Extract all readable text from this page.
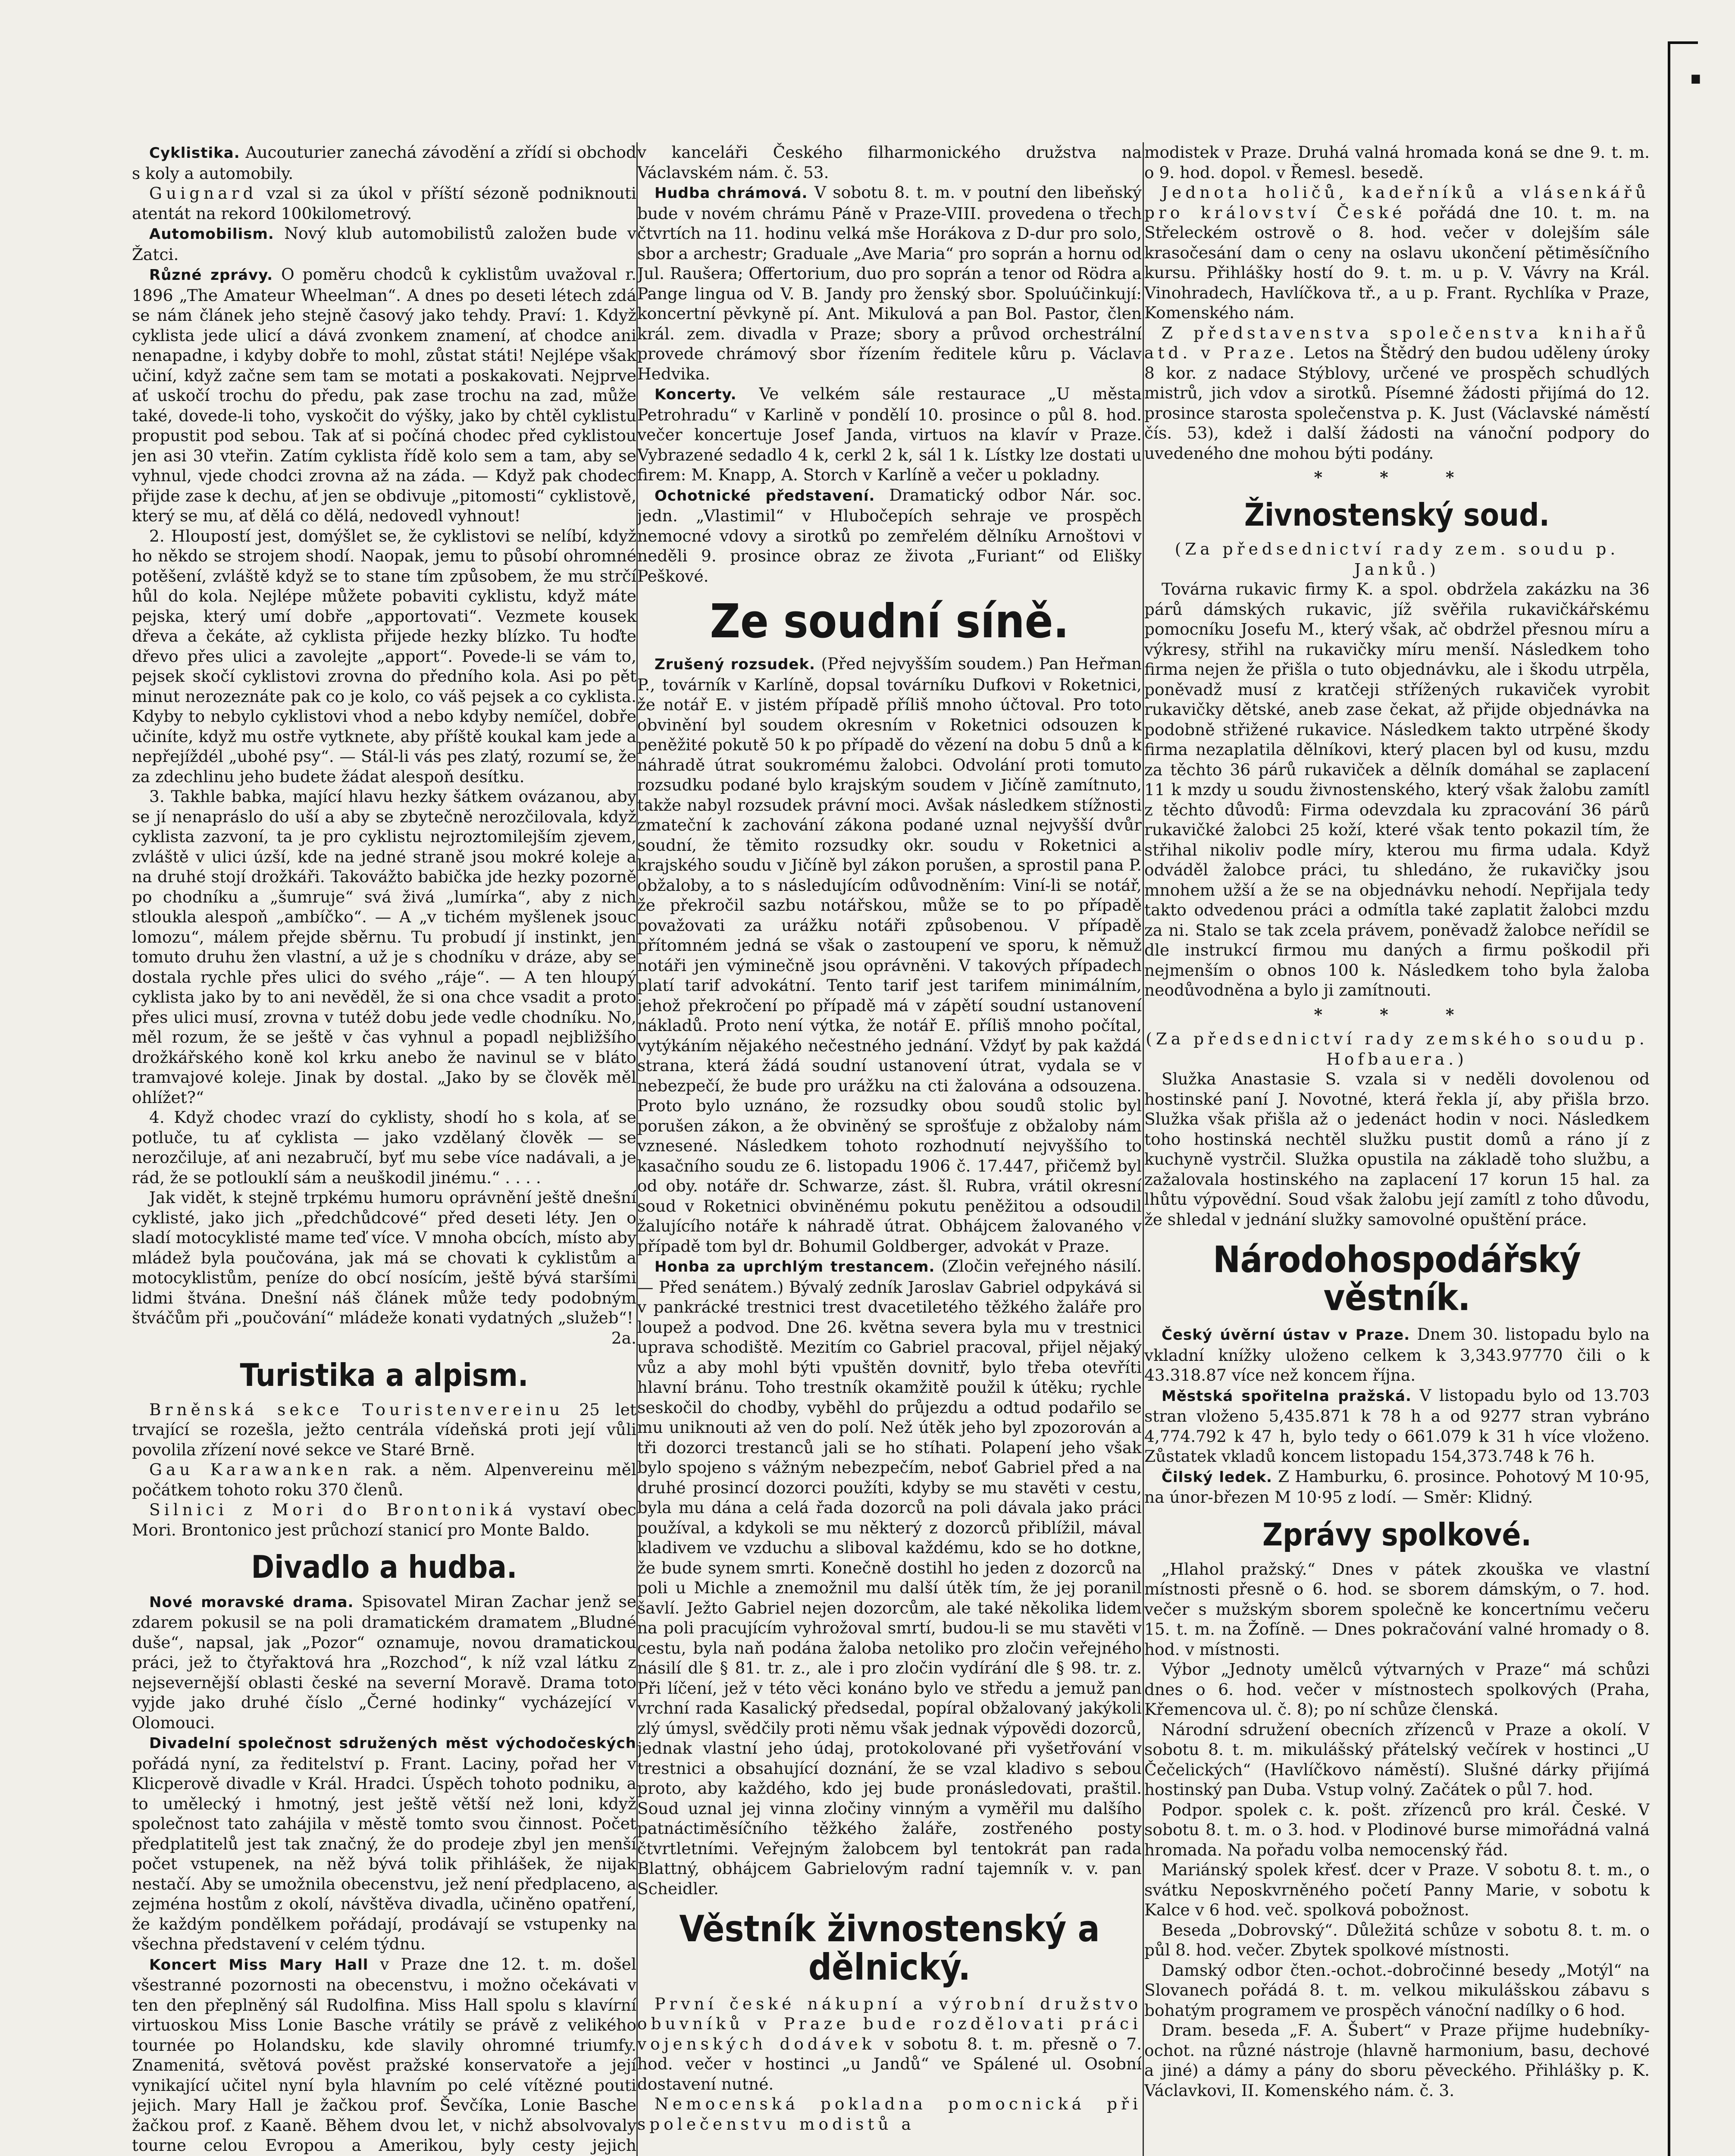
.

Cyklistika. Aucouturier zanechá závodění a zřídí si obchod s koly a automobily.

Guignard vzal si za úkol v příští sézoně podniknouti atentát na rekord 100kilometrový.

Automobilism. Nový klub automobilistů založen bude v Žatci.

Různé zprávy. O poměru chodců k cyklistům uvažoval r. 1896 „The Amateur Wheelman“. A dnes po deseti létech zdá se nám článek jeho stejně časový jako tehdy. Praví: 1. Když cyklista jede ulicí a dává zvonkem znamení, ať chodce ani nenapadne, i kdyby dobře to mohl, zůstat státi! Nejlépe však učiní, když začne sem tam se motati a poskakovati. Nejprve ať uskočí trochu do předu, pak zase trochu na zad, může také, dovede-li toho, vyskočit do výšky, jako by chtěl cyklistu propustit pod sebou. Tak ať si počíná chodec před cyklistou jen asi 30 vteřin. Zatím cyklista řídě kolo sem a tam, aby se vyhnul, vjede chodci zrovna až na záda. — Když pak chodec přijde zase k dechu, ať jen se obdivuje „pitomosti“ cyklistově, který se mu, ať dělá co dělá, nedovedl vyhnout!

2. Hloupostí jest, domýšlet se, že cyklistovi se nelíbí, když ho někdo se strojem shodí. Naopak, jemu to působí ohromné potěšení, zvláště když se to stane tím způsobem, že mu strčí hůl do kola. Nejlépe můžete pobaviti cyklistu, když máte pejska, který umí dobře „apportovati“. Vezmete kousek dřeva a čekáte, až cyklista přijede hezky blízko. Tu hoďte dřevo přes ulici a zavolejte „apport“. Povede-li se vám to, pejsek skočí cyklistovi zrovna do předního kola. Asi po pět minut nerozeznáte pak co je kolo, co váš pejsek a co cyklista. Kdyby to nebylo cyklistovi vhod a nebo kdyby nemíčel, dobře učiníte, když mu ostře vytknete, aby příště koukal kam jede a nepřejíždél „ubohé psy“. — Stál-li vás pes zlatý, rozumí se, že za zdechlinu jeho budete žádat alespoň desítku.

3. Takhle babka, mající hlavu hezky šátkem ovázanou, aby se jí nenapráslo do uší a aby se zbytečně nerozčilovala, když cyklista zazvoní, ta je pro cyklistu nejroztomilejším zjevem, zvláště v ulici úzší, kde na jedné straně jsou mokré koleje a na druhé stojí drožkáři. Takovážto babička jde hezky pozorně po chodníku a „šumruje“ svá živá „lumírka“, aby z nich stloukla alespoň „ambíčko“. — A „v tichém myšlenek jsouc lomozu“, málem přejde sběrnu. Tu probudí jí instinkt, jen tomuto druhu žen vlastní, a už je s chodníku v dráze, aby se dostala rychle přes ulici do svého „ráje“. — A ten hloupý cyklista jako by to ani nevěděl, že si ona chce vsadit a proto přes ulici musí, zrovna v tutéž dobu jede vedle chodníku. No, měl rozum, že se ještě v čas vyhnul a popadl nejbližšího drožkářského koně kol krku anebo že navinul se v bláto tramvajové koleje. Jinak by dostal. „Jako by se člověk měl ohlížet?“

4. Když chodec vrazí do cyklisty, shodí ho s kola, ať se potluče, tu ať cyklista — jako vzdělaný člověk — se nerozčiluje, ať ani nezabručí, byť mu sebe více nadávali, a je rád, že se potlouklí sám a neuškodil jinému.“ . . . .

Jak vidět, k stejně trpkému humoru oprávnění ještě dnešní cyklisté, jako jich „předchůdcové“ před deseti léty. Jen o sladí motocyklisté mame teď více. V mnoha obcích, místo aby mládež byla poučována, jak má se chovati k cyklistům a motocyklistům, peníze do obcí nosícím, ještě bývá staršími lidmi štvána. Dnešní náš článek může tedy podobným štváčům při „poučování“ mládeže konati vydatných „služeb“!

2a.

Turistika a alpism.

Brněnská sekce Touristenvereinu 25 let trvající se rozešla, ježto centrála vídeňská proti její vůli povolila zřízení nové sekce ve Staré Brně.

Gau Karawanken rak. a něm. Alpenvereinu měl počátkem tohoto roku 370 členů.

Silnici z Mori do Brontoniká vystaví obec Mori. Brontonico jest průchozí stanicí pro Monte Baldo.

Divadlo a hudba.

Nové moravské drama. Spisovatel Miran Zachar jenž se zdarem pokusil se na poli dramatickém dramatem „Bludné duše“, napsal, jak „Pozor“ oznamuje, novou dramatickou práci, jež to čtyřaktová hra „Rozchod“, k níž vzal látku z nejsevernější oblasti české na severní Moravě. Drama toto vyjde jako druhé číslo „Černé hodinky“ vycházející v Olomouci.

Divadelní společnost sdružených měst východočeských pořádá nyní, za ředitelství p. Frant. Laciny, pořad her v Klicperově divadle v Král. Hradci. Úspěch tohoto podniku, a to umělecký i hmotný, jest ještě větší než loni, když společnost tato zahájila v městě tomto svou činnost. Počet předplatitelů jest tak značný, že do prodeje zbyl jen menší počet vstupenek, na něž bývá tolik přihlášek, že nijak nestačí. Aby se umožnila obecenstvu, jež není předplaceno, a zejména hostům z okolí, návštěva divadla, učiněno opatření, že každým pondělkem pořádají, prodávají se vstupenky na všechna představení v celém týdnu.

Koncert Miss Mary Hall v Praze dne 12. t. m. došel všestranné pozornosti na obecenstvu, i možno očekávati v ten den přeplněný sál Rudolfina. Miss Hall spolu s klavírní virtuoskou Miss Lonie Basche vrátily se právě z velikého tournée po Holandsku, kde slavily ohromné triumfy. Znamenitá, světová pověst pražské konservatoře a její vynikající učitel nyní byla hlavním po celé vítězné pouti jejich. Mary Hall je žačkou prof. Ševčíka, Lonie Basche žačkou prof. z Kaaně. Během dvou let, v nichž absolvovaly tourne celou Evropou a Amerikou, byly cesty jejich

v kanceláři Českého filharmonického družstva na Václavském nám. č. 53.

Hudba chrámová. V sobotu 8. t. m. v poutní den libeňský bude v novém chrámu Páně v Praze-VIII. provedena o třech čtvrtích na 11. hodinu velká mše Horákova z D-dur pro solo, sbor a archestr; Graduale „Ave Maria“ pro soprán a hornu od Jul. Raušera; Offertorium, duo pro soprán a tenor od Rödra a Pange lingua od V. B. Jandy pro ženský sbor. Spoluúčinkují: koncertní pěvkyně pí. Ant. Mikulová a pan Bol. Pastor, člen král. zem. divadla v Praze; sbory a průvod orchestrální provede chrámový sbor řízením ředitele kůru p. Václav Hedvika.

Koncerty. Ve velkém sále restaurace „U města Petrohradu“ v Karlině v pondělí 10. prosince o půl 8. hod. večer koncertuje Josef Janda, virtuos na klavír v Praze. Vybrazené sedadlo 4 k, cerkl 2 k, sál 1 k. Lístky lze dostati u firem: M. Knapp, A. Storch v Karlíně a večer u pokladny.

Ochotnické představení. Dramatický odbor Nár. soc. jedn. „Vlastimil“ v Hlubočepích sehraje ve prospěch nemocné vdovy a sirotků po zemřelém dělníku Arnoštovi v neděli 9. prosince obraz ze života „Furiant“ od Elišky Peškové.

Ze soudní síně.

Zrušený rozsudek. (Před nejvyšším soudem.) Pan Heřman P., továrník v Karlíně, dopsal továrníku Dufkovi v Roketnici, že notář E. v jistém případě příliš mnoho účtoval. Pro toto obvinění byl soudem okresním v Roketnici odsouzen k peněžité pokutě 50 k po případě do vězení na dobu 5 dnů a k náhradě útrat soukromému žalobci. Odvolání proti tomuto rozsudku podané bylo krajským soudem v Jičíně zamítnuto, takže nabyl rozsudek právní moci. Avšak následkem stížnosti zmateční k zachování zákona podané uznal nejvyšší dvůr soudní, že těmito rozsudky okr. soudu v Roketnici a krajského soudu v Jičíně byl zákon porušen, a sprostil pana P. obžaloby, a to s následujícím odůvodněním: Viní-li se notář, že překročil sazbu notářskou, může se to po případě považovati za urážku notáři způsobenou. V případě přítomném jedná se však o zastoupení ve sporu, k němuž notáři jen výminečně jsou oprávněni. V takových případech platí tarif advokátní. Tento tarif jest tarifem minimálním, jehož překročení po případě má v zápětí soudní ustanovení nákladů. Proto není výtka, že notář E. příliš mnoho počítal, vytýkáním nějakého nečestného jednání. Vždyť by pak každá strana, která žádá soudní ustanovení útrat, vydala se v nebezpečí, že bude pro urážku na cti žalována a odsouzena. Proto bylo uznáno, že rozsudky obou soudů stolic byl porušen zákon, a že obviněný se sprošťuje z obžaloby nám vznesené. Následkem tohoto rozhodnutí nejvyššího to kasačního soudu ze 6. listopadu 1906 č. 17.447, přičemž byl od oby. notáře dr. Schwarze, zást. šl. Rubra, vrátil okresní soud v Roketnici obviněnému pokutu peněžitou a odsoudil žalujícího notáře k náhradě útrat. Obhájcem žalovaného v případě tom byl dr. Bohumil Goldberger, advokát v Praze.

Honba za uprchlým trestancem. (Zločin veřejného násilí. — Před senátem.) Bývalý zedník Jaroslav Gabriel odpykává si v pankrácké trestnici trest dvacetiletého těžkého žaláře pro loupež a podvod. Dne 26. května severa byla mu v trestnici uprava schodiště. Mezitím co Gabriel pracoval, přijel nějaký vůz a aby mohl býti vpuštěn dovnitř, bylo třeba otevříti hlavní bránu. Toho trestník okamžitě použil k útěku; rychle seskočil do chodby, vyběhl do průjezdu a odtud podařilo se mu uniknouti až ven do polí. Než útěk jeho byl zpozorován a tři dozorci trestanců jali se ho stíhati. Polapení jeho však bylo spojeno s vážným nebezpečím, neboť Gabriel před a na druhé prosincí dozorci použíti, kdyby se mu stavěti v cestu, byla mu dána a celá řada dozorců na poli dávala jako práci používal, a kdykoli se mu některý z dozorců přiblížil, mával kladivem ve vzduchu a sliboval každému, kdo se ho dotkne, že bude synem smrti. Konečně dostihl ho jeden z dozorců na poli u Michle a znemožnil mu další útěk tím, že jej poranil šavlí. Ježto Gabriel nejen dozorcům, ale také několika lidem na poli pracujícím vyhrožoval smrtí, budou-li se mu stavěti v cestu, byla naň podána žaloba netoliko pro zločin veřejného násilí dle § 81. tr. z., ale i pro zločin vydírání dle § 98. tr. z. Při líčení, jež v této věci konáno bylo ve středu a jemuž pan vrchní rada Kasalický předsedal, popíral obžalovaný jakýkoli zlý úmysl, svědčily proti němu však jednak výpovědi dozorců, jednak vlastní jeho údaj, protokolované při vyšetřování v trestnici a obsahující doznání, že se vzal kladivo s sebou proto, aby každého, kdo jej bude pronásledovati, praštil. Soud uznal jej vinna zločiny vinným a vyměřil mu dalšího patnáctiměsíčního těžkého žaláře, zostřeného posty čtvrtletními. Veřejným žalobcem byl tentokrát pan rada Blattný, obhájcem Gabrielovým radní tajemník v. v. pan Scheidler.

Věstník živnostenský a dělnický.

První české nákupní a výrobní družstvo obuvníků v Praze bude rozdělovati práci vojenských dodávek v sobotu 8. t. m. přesně o 7. hod. večer v hostinci „u Jandů“ ve Spálené ul. Osobní dostavení nutné.

Nemocenská pokladna pomocnická při společenstvu modistů a

modistek v Praze. Druhá valná hromada koná se dne 9. t. m. o 9. hod. dopol. v Řemesl. besedě.

Jednota holičů, kadeřníků a vlásenkářů pro království České pořádá dne 10. t. m. na Střeleckém ostrově o 8. hod. večer v dolejším sále krasočesání dam o ceny na oslavu ukončení pětiměsíčního kursu. Přihlášky hostí do 9. t. m. u p. V. Vávry na Král. Vinohradech, Havlíčkova tř., a u p. Frant. Rychlíka v Praze, Komenského nám.

Z představenstva společenstva knihařů atd. v Praze. Letos na Štědrý den budou uděleny úroky 8 kor. z nadace Stýblovy, určené ve prospěch schudlých mistrů, jich vdov a sirotků. Písemné žádosti přijímá do 12. prosince starosta společenstva p. K. Just (Václavské náměstí čís. 53), kdež i další žádosti na vánoční podpory do uvedeného dne mohou býti podány.

* * *

Živnostenský soud.

(Za předsednictví rady zem. soudu p. Janků.)

Továrna rukavic firmy K. a spol. obdržela zakázku na 36 párů dámských rukavic, jíž svěřila rukavičkářskému pomocníku Josefu M., který však, ač obdržel přesnou míru a výkresy, střihl na rukavičky míru menší. Následkem toho firma nejen že přišla o tuto objednávku, ale i škodu utrpěla, poněvadž musí z kratčeji střížených rukaviček vyrobit rukavičky dětské, aneb zase čekat, až přijde objednávka na podobně střižené rukavice. Následkem takto utrpěné škody firma nezaplatila dělníkovi, který placen byl od kusu, mzdu za těchto 36 párů rukaviček a dělník domáhal se zaplacení 11 k mzdy u soudu živnostenského, který však žalobu zamítl z těchto důvodů: Firma odevzdala ku zpracování 36 párů rukavičké žalobci 25 koží, které však tento pokazil tím, že střihal nikoliv podle míry, kterou mu firma udala. Když odváděl žalobce práci, tu shledáno, že rukavičky jsou mnohem užší a že se na objednávku nehodí. Nepřijala tedy takto odvedenou práci a odmítla také zaplatit žalobci mzdu za ni. Stalo se tak zcela právem, poněvadž žalobce neřídil se dle instrukcí firmou mu daných a firmu poškodil při nejmenším o obnos 100 k. Následkem toho byla žaloba neodůvodněna a bylo ji zamítnouti.

* * *

(Za předsednictví rady zemského soudu p. Hofbauera.)

Služka Anastasie S. vzala si v neděli dovolenou od hostinské paní J. Novotné, která řekla jí, aby přišla brzo. Služka však přišla až o jedenáct hodin v noci. Následkem toho hostinská nechtěl služku pustit domů a ráno jí z kuchyně vystrčil. Služka opustila na základě toho službu, a zažalovala hostinského na zaplacení 17 korun 15 hal. za lhůtu výpovědní. Soud však žalobu její zamítl z toho důvodu, že shledal v jednání služky samovolné opuštění práce.

Národohospodářský věstník.

Český úvěrní ústav v Praze. Dnem 30. listopadu bylo na vkladní knížky uloženo celkem k 3,343.97770 čili o k 43.318.87 více než koncem října.

Městská spořitelna pražská. V listopadu bylo od 13.703 stran vloženo 5,435.871 k 78 h a od 9277 stran vybráno 4,774.792 k 47 h, bylo tedy o 661.079 k 31 h více vloženo. Zůstatek vkladů koncem listopadu 154,373.748 k 76 h.

Čilský ledek. Z Hamburku, 6. prosince. Pohotový M 10·95, na únor-březen M 10·95 z lodí. — Směr: Klidný.

Zprávy spolkové.

„Hlahol pražský.“ Dnes v pátek zkouška ve vlastní místnosti přesně o 6. hod. se sborem dámským, o 7. hod. večer s mužským sborem společně ke koncertnímu večeru 15. t. m. na Žofíně. — Dnes pokračování valné hromady o 8. hod. v místnosti.

Výbor „Jednoty umělců výtvarných v Praze“ má schůzi dnes o 6. hod. večer v místnostech spolkových (Praha, Křemencova ul. č. 8); po ní schůze členská.

Národní sdružení obecních zřízenců v Praze a okolí. V sobotu 8. t. m. mikulášský přátelský večírek v hostinci „U Čečelických“ (Havlíčkovo náměstí). Slušné dárky přijímá hostinský pan Duba. Vstup volný. Začátek o půl 7. hod.

Podpor. spolek c. k. pošt. zřízenců pro král. České. V sobotu 8. t. m. o 3. hod. v Plodinové burse mimořádná valná hromada. Na pořadu volba nemocenský řád.

Mariánský spolek křesť. dcer v Praze. V sobotu 8. t. m., o svátku Neposkvrněného početí Panny Marie, v sobotu k Kalce v 6 hod. več. spolková pobožnost.

Beseda „Dobrovský“. Důležitá schůze v sobotu 8. t. m. o půl 8. hod. večer. Zbytek spolkové místnosti.

Damský odbor čten.-ochot.-dobročinné besedy „Motýl“ na Slovanech pořádá 8. t. m. velkou mikulášskou zábavu s bohatým programem ve prospěch vánoční nadílky o 6 hod.

Dram. beseda „F. A. Šubert“ v Praze přijme hudebníky-ochot. na různé nástroje (hlavně harmonium, basu, dechové a jiné) a dámy a pány do sboru pěveckého. Přihlášky p. K. Václavkovi, II. Komenského nám. č. 3.
